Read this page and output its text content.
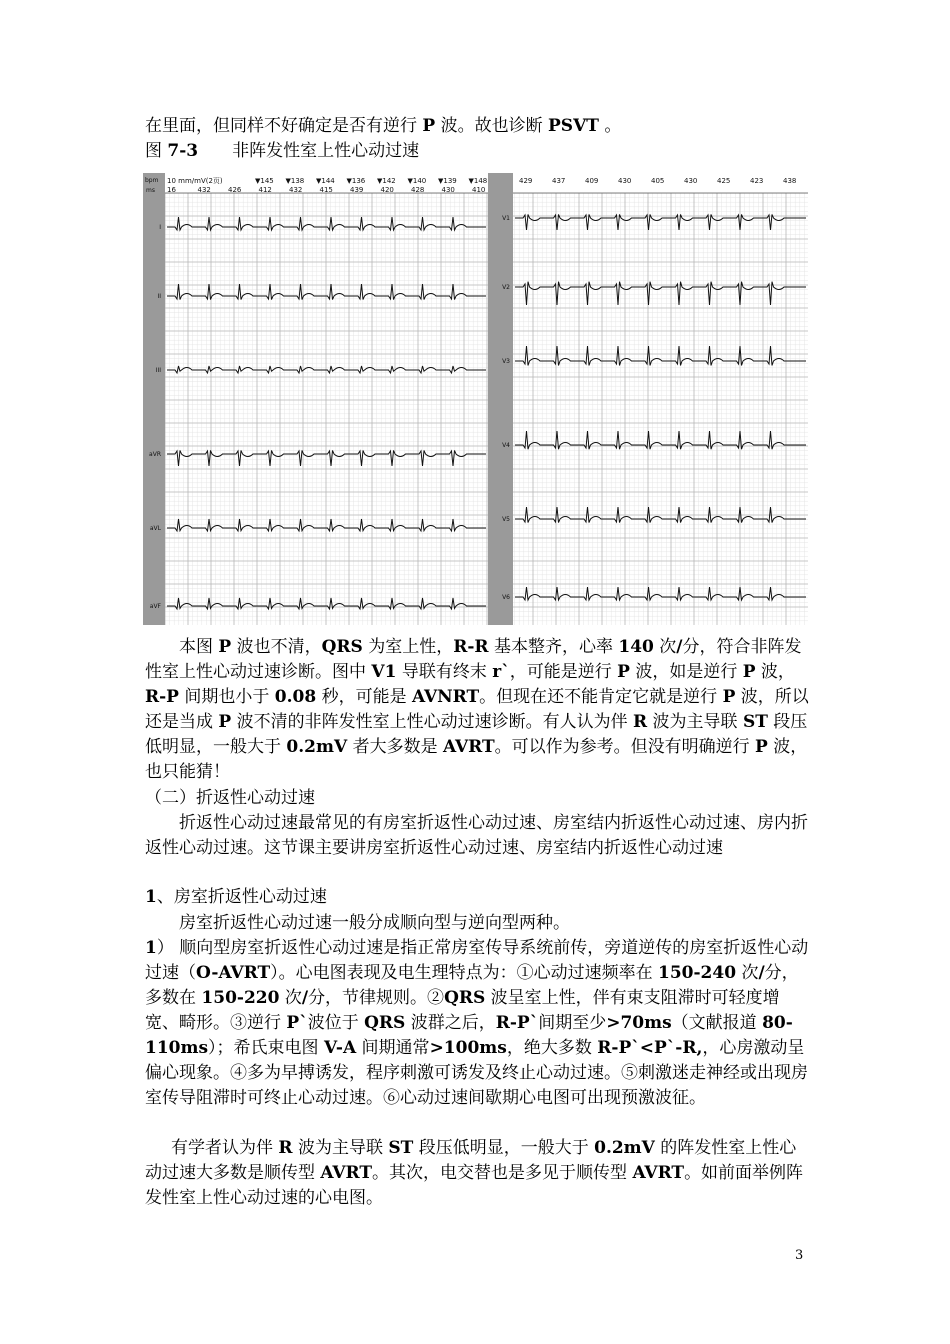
在里面，但同样不好确定是否有逆行 P 波。故也诊断 PSVT 。
图 7-3　　非阵发性室上性心动过速
bpm
ms
10 mm/mV(2页)	▼145 ▼138 ▼144 ▼136 ▼142 ▼140 ▼139 ▼148
16	432 426 412 432 415 439 420 428 430 410
429	437	409	430	405	430	425	423	438
I
II
III
aVR
aVL
aVF
V1
V2
V3
V4
V5
V6
本图 P 波也不清，QRS 为室上性，R-R 基本整齐，心率 140 次/分，符合非阵发性室上性心动过速诊断。图中 V1 导联有终末 r`，可能是逆行 P 波，如是逆行 P 波，R-P 间期也小于 0.08 秒，可能是 AVNRT。但现在还不能肯定它就是逆行 P 波，所以还是当成 P 波不清的非阵发性室上性心动过速诊断。有人认为伴 R 波为主导联 ST 段压低明显，一般大于 0.2mV 者大多数是 AVRT。可以作为参考。但没有明确逆行 P 波，也只能猜！
（二）折返性心动过速
折返性心动过速最常见的有房室折返性心动过速、房室结内折返性心动过速、房内折返性心动过速。这节课主要讲房室折返性心动过速、房室结内折返性心动过速
1、房室折返性心动过速
房室折返性心动过速一般分成顺向型与逆向型两种。
1） 顺向型房室折返性心动过速是指正常房室传导系统前传，旁道逆传的房室折返性心动过速（O-AVRT）。心电图表现及电生理特点为：①心动过速频率在 150-240 次/分，多数在 150-220 次/分，节律规则。②QRS 波呈室上性，伴有束支阻滞时可轻度增宽、畸形。③逆行 P`波位于 QRS 波群之后，R-P`间期至少>70ms（文献报道 80-110ms）；希氏束电图 V-A 间期通常>100ms，绝大多数 R-P`<P`-R,，心房激动呈偏心现象。④多为早搏诱发，程序刺激可诱发及终止心动过速。⑤刺激迷走神经或出现房室传导阻滞时可终止心动过速。⑥心动过速间歇期心电图可出现预激波征。
有学者认为伴 R 波为主导联 ST 段压低明显，一般大于 0.2mV 的阵发性室上性心动过速大多数是顺传型 AVRT。其次，电交替也是多见于顺传型 AVRT。如前面举例阵发性室上性心动过速的心电图。
3
